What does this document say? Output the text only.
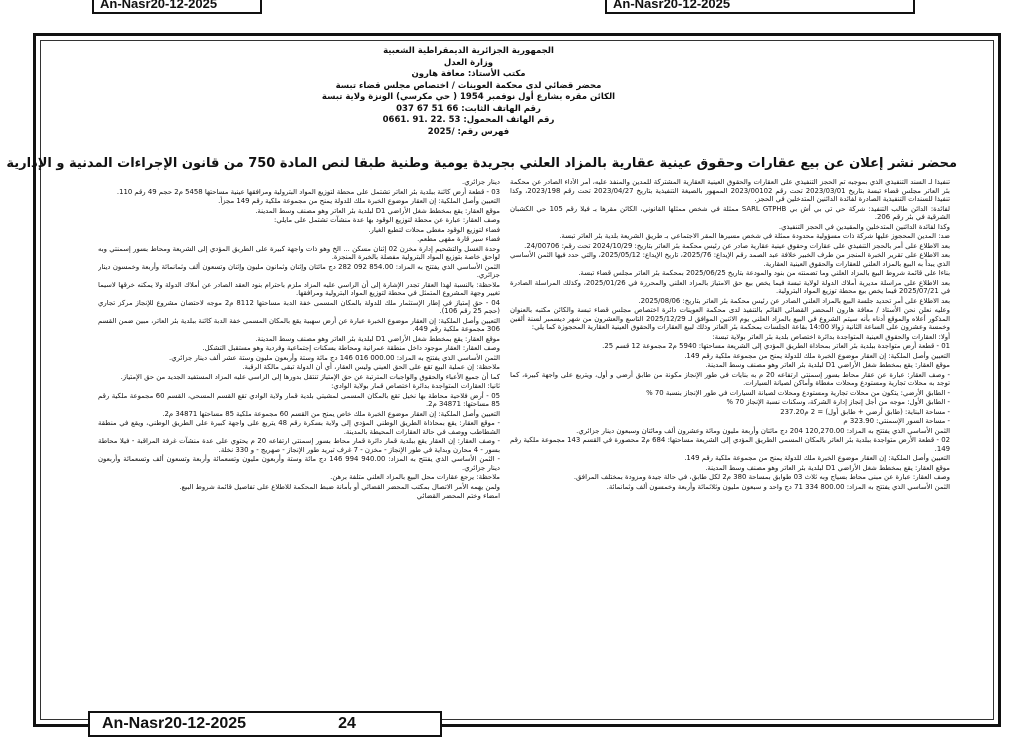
An-Nasr20-12-2025	An-Nasr20-12-2025
الجمهورية الجزائرية الديمقراطية الشعبية
وزارة العدل
مكتب الأستاذ: معافة هارون
محضر قضائي لدى محكمة العوينات / اختصاص مجلس قضاء تبسة
الكائن مقره بشارع أول نوفمبر 1954 ( حي مكرسي) الونزة ولاية تبسة
رقم الهاتف الثابت: 66 51 67 037
رقم الهاتف المحمول: 53 .22 .91 .0661
فهرس رقم: /2025
محضر نشر إعلان عن بيع عقارات وحقوق عينية عقارية بالمزاد العلني بجريدة يومية وطنية طبقا لنص المادة 750 من قانون الإجراءات المدنية و الإدارية

تنفيذا لـ السند التنفيذي الذي بموجبه تم الحجز التنفيذي على العقارات والحقوق العينية العقارية المشتركة للمدين والمنفذ عليه، أمر الأداء الصادر عن محكمة بئر العاتر مجلس قضاء تبسة بتاريخ 2023/03/01 تحت رقم 2023/00102 الممهور بالصيغة التنفيذية بتاريخ 2023/04/27 تحت رقم 2023/198، وكذا تنفيذا للسندات التنفيذية الصادرة لفائدة الدائنين المتدخلين في الحجز.

لفائدة: الدائن طالب التنفيذ: شركة حي تي بي أش بي SARL GTPHB ممثلة في شخص ممثلها القانوني، الكائن مقرها بـ فيلا رقم 105 حي الكشبان الشرقية في بئر رقم 206.

وكذا لفائدة الدائنين المتدخلين والمقيدين في الحجز التنفيذي.

ضد: المدين المحجوز عليها شركة ذات مسؤولية محدودة ممثلة في شخص مسيرها المقر الاجتماعي بـ طريق الشريعة بلدية بئر العاتر تبسة.

بعد الاطلاع على أمر بالحجز التنفيذي على عقارات وحقوق عينية عقارية صادر عن رئيس محكمة بئر العاتر بتاريخ: 2024/10/29 تحت رقم: 24/00706.

بعد الاطلاع على تقرير الخبرة المنجز من طرف الخبير خلافة عبد الصمد رقم الإيداع: 2025/76، تاريخ الإيداع: 2025/05/12، والتي حدد فيها الثمن الأساسي الذي يبدأ به البيع بالمزاد العلني للعقارات والحقوق العينية العقارية.

بناءا على قائمة شروط البيع بالمزاد العلني وما تضمنته من بنود والمودعة بتاريخ 2025/06/25 بمحكمة بئر العاتر مجلس قضاء تبسة.

بعد الاطلاع على مراسلة مديرية أملاك الدولة لولاية تبسة فيما يخص بيع حق الامتياز بالمزاد العلني والمحررة في 2025/01/26، وكذلك المراسلة الصادرة في 2025/07/21 فيما يخص بيع محطة توزيع المواد البترولية.

بعد الاطلاع على أمر تحديد جلسة البيع بالمزاد العلني الصادر عن رئيس محكمة بئر العاتر بتاريخ: 2025/08/06.

وعليه نعلن نحن الأستاذ / معافة هارون المحضر القضائي القائم بالتنفيذ لدى محكمة العوينات دائرة اختصاص مجلس قضاء تبسة والكائن مكتبه بالعنوان المذكور أعلاه والموقع أدناه بأنه سيتم الشروع في البيع بالمزاد العلني يوم الاثنين الموافق لـ 2025/12/29 التاسع والعشرون من شهر ديسمبر لسنة ألفين وخمسة وعشرون على الساعة الثانية زوالا 14:00 بقاعة الجلسات بمحكمة بئر العاتر وذلك لبيع العقارات والحقوق العينية العقارية المحجوزة كما يلي:

أولا: العقارات والحقوق العينية المتواجدة بدائرة اختصاص بلدية بئر العاتر بولاية تبسة:

01 - قطعة أرض متواجدة ببلدية بئر العاتر بمحاذاة الطريق المؤدي إلى الشريعة مساحتها: 5940 م2 مجموعة 12 قسم 25.

التعيين وأصل الملكية: إن العقار موضوع الخبرة ملك للدولة يمنح من مجموعة ملكية رقم 149.

موقع العقار: يقع بمخطط شغل الأراضي D1 لبلدية بئر العاتر وهو مصنف وسط المدينة.

- وصف العقار: عبارة عن عقار محاط بسور إسمنتي ارتفاعه 20 م به بنايات في طور الإنجاز مكونة من طابق أرضي و أول، ويتربع على واجهة كبيرة، كما توجد به محلات تجارية ومستودع ومحلات مغطاة وأماكن لصيانة السيارات.

- الطابق الأرضي: يتكون من محلات تجارية ومستودع ومحلات لصيانة السيارات في طور الإنجاز بنسبة 70 %

- الطابق الأول: موجه من أجل إنجاز إدارة الشركة، وسكنات نسبة الإنجاز 70 %

- مساحة البناية: (طابق أرضي + طابق أول) = 2 م237.20

- مساحة السور الإسمنتي: 323.90 م

الثمن الأساسي الذي يفتتح به المزاد: 120,270.00 204 دج مائتان وأربعة مليون ومائة وعشرون ألف ومائتان وسبعون دينار جزائري.

02 - قطعة الأرض متواجدة ببلدية بئر العاتر بالمكان المسمى الطريق المؤدي إلى الشريعة مساحتها: 684 م2 محصورة في القسم 143 مجموعة ملكية رقم 149.

التعيين وأصل الملكية: إن العقار موضوع الخبرة ملك للدولة يمنح من مجموعة ملكية رقم 149.

موقع العقار: يقع بمخطط شغل الأراضي D1 لبلدية بئر العاتر وهو مصنف وسط المدينة.

وصف العقار: عبارة عن مبنى محاط بسياج وبه ثلاث 03 طوابق بمساحة 380 م2 لكل طابق، في حالة جيدة ومزودة بمختلف المرافق.

الثمن الأساسي الذي يفتتح به المزاد: 800.00 334 71 دج واحد و سبعون مليون وثلاثمائة وأربعة وخمسون ألف وثمانمائة.

دينار جزائري.

03 - قطعة أرض كائنة ببلدية بئر العاتر تشتمل على محطة لتوزيع المواد البترولية ومرافقها عينية مساحتها 5458 م2 حجم 49 رقم 110.

التعيين وأصل الملكية: إن العقار موضوع الخبرة ملك للدولة يمنح من مجموعة ملكية رقم 149 مجزأ.

موقع العقار: يقع بمخطط شغل الأراضي D1 لبلدية بئر العاتر وهو مصنف وسط المدينة.

وصف العقار: عبارة عن محطة لتوزيع الوقود بها عدة منشآت تشتمل على مايلي:

فضاء لتوزيع الوقود مغطى محلات لتطبع الغيار.

فضاء سير قارة مقهى مطعم.

وحدة الغسل والتشحيم إدارة مخزن 02 إثنان مسكن ... الخ وهو ذات واجهة كبيرة على الطريق المؤدي إلى الشريعة ومحاط بسور إسمنتي وبه لواحق خاصة بتوزيع المواد البترولية مفصلة بالخبرة المنجزة.

الثمن الأساسي الذي يفتتح به المزاد: 854.00 092 282 دج مائتان وإثنان وثمانون مليون وإثنان وتسعون ألف وثمانمائة وأربعة وخمسون دينار جزائري.

ملاحظة: بالنسبة لهذا العقار تجدر الإشارة إلى أن الراسي عليه المزاد ملزم باحترام بنود العقد الصادر عن أملاك الدولة ولا يمكنه خرقها لاسيما تغيير وجهة المشروع المتمثل في محطة لتوزيع المواد البترولية ومرافقها.

04 - حق إمتياز في إطار الإستثمار ملك للدولة بالمكان المسمى خفة الدبة مساحتها 8112 م2 موجه لاحتضان مشروع للإنجاز مركز تجاري (حجم 25 رقم 106).

التعيين وأصل الملكية: إن العقار موضوع الخبرة عبارة عن أرض سهبية يقع بالمكان المسمى خفة الدبة كائنة ببلدية بئر العاتر، مبين ضمن القسم 306 مجموعة ملكية رقم 449.

موقع العقار: يقع بمخطط شغل الأراضي D1 لبلدية بئر العاتر وهو مصنف وسط المدينة.

وصف العقار: العقار موجود داخل منطقة عمرانية ومحاطة بسكنات إجتماعية وفردية وهو مستقبل التشكل.

الثمن الأساسي الذي يفتتح به المزاد: 000.00 016 146 دج مائة وستة وأربعون مليون وستة عشر ألف دينار جزائري.

ملاحظة: إن عملية البيع تقع على الحق العيني وليس العقار، أي أن الدولة تبقى مالكة الرقبة.

كما أن جميع الأعباء والحقوق والواجبات المترتبة عن حق الإمتياز تنتقل بدورها إلى الراسي عليه المزاد المستفيد الجديد من حق الإمتياز.

ثانيا: العقارات المتواجدة بدائرة اختصاص قمار بولاية الوادي:

05 - أرض فلاحية محاطة بها نخيل تقع بالمكان المسمى لمشيتي بلدية قمار ولاية الوادي تقع القسم المسحي، القسم 60 مجموعة ملكية رقم 85 مساحتها: 34871 م2.

التعيين وأصل الملكية: إن العقار موضوع الخبرة ملك خاص يمنح من القسم 60 مجموعة ملكية 85 مساحتها 34871 م2.

- موقع العقار: يقع بمحاذاة الطريق الوطني المؤدي إلى ولاية بسكرة رقم 48 يتربع على واجهة كبيرة على الطريق الوطني، ويقع في منطقة الشطاطب ووصف في حالة العقارات المحيطة بالمدينة.

- وصف العقار: إن العقار يقع ببلدية قمار دائرة قمار محاط بسور إسمنتي ارتفاعه 20 م يحتوي على عدة منشآت غرفة المراقبة - فيلا محاطة بسور - 4 محارن وبداية في طور الإنجاز - مخزن - 7 غرف تبريد طور الإنجاز - صهريج - و 330 نخلة.

- الثمن الأساسي الذي يفتتح به المزاد: 940.00 994 146 دج مائة وستة وأربعون مليون وتسعمائة وأربعة وتسعون ألف وتسعمائة وأربعون دينار جزائري.

ملاحظة: يرجع عقارات محل البيع بالمزاد العلني متلفة برهن.

ولمن يهمه الأمر الاتصال بمكتب المحضر القضائي أو بأمانة ضبط المحكمة للاطلاع على تفاصيل قائمة شروط البيع.

امضاء وختم المحضر القضائي

An-Nasr20-12-2025	24
